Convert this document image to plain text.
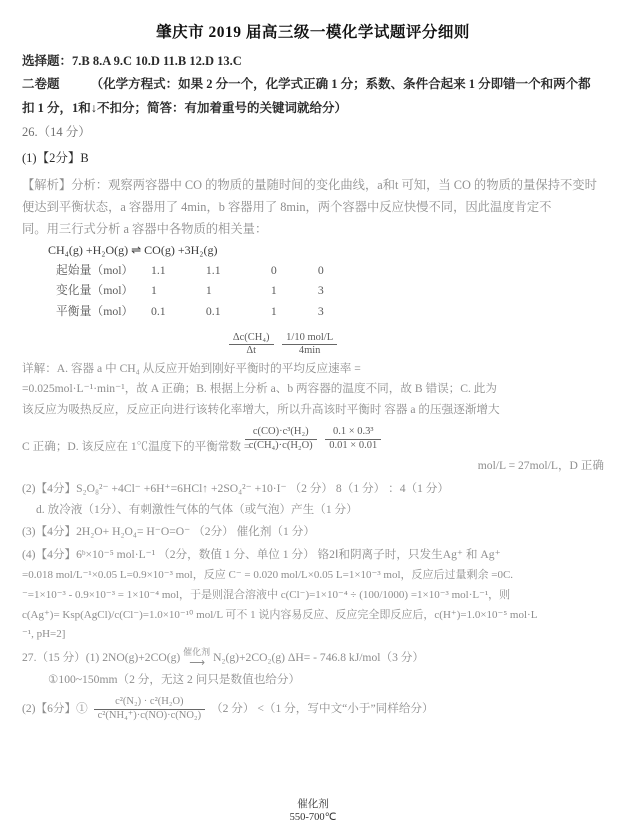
肇庆市 2019 届高三级一模化学试题评分细则
选择题：7.B 8.A 9.C 10.D 11.B 12.D 13.C
二卷题 （化学方程式：如果 2 分一个，化学式正确 1 分；系数、条件合起来 1 分即错一个和两个都
扣 1 分，1和↓不扣分；简答：有加着重号的关键词就给分）
26.（14 分）
(1)【2分】B
【解析】分析：观察两容器中 CO 的物质的量随时间的变化曲线，a和t 可知，当 CO 的物质的量保持不变时
便达到平衡状态，a 容器用了 4min，b 容器用了 8min，两个容器中反应快慢不同，因此温度肯定不
同。用三行式分析 a 容器中各物质的相关量：
CH₄(g) +H₂O(g) ⇌ CO(g) +3H₂(g)
起始量（mol） 1.1	1.1	0	0
变化量（mol） 1	1	1	3
平衡量（mol） 0.1	0.1	1	3
$\frac{\text{Δc(CH₄)}}{\Delta t}$
	1/10 mol/L
4min
详解：A. 容器 a 中 CH₄ 从反应开始到刚好平衡时的平均反应速率 =
=0.025mol·L⁻¹·min⁻¹，故 A 正确；B. 根据上分析 a、b 两容器的温度不同，故 B 错误；C. 此为
该反应为吸热反应，反应正向进行该转化率增大，所以升高该时平衡时 容器 a 的压强逐渐增大
$\frac{\text{c(CO)·c³(H₂)}}{\text{c(CH₄)·c(H₂O)}}$
$\frac{\text{0.1 × 0.3³}}{0.01 \times 0.01}$
C 正确；D. 该反应在 1℃温度下的平衡常数 =
mol/L = 27mol/L，D 正确
(2)【4分】S₂O₈²⁻ +4Cl⁻ +6H⁺=6HCl↑ +2SO₄²⁻ +10·I⁻ （2 分） 8（1 分） ：4（1 分）
d. 放冷液（1分）、有刺激性气体的气体（或气泡）产生（1 分）
(3)【4分】2H₂O+ H₂O₄= H⁻O=O⁻ （2分） 催化剂（1 分）
(4)【4分】6ᵇ×10⁻⁵ mol·L⁻¹ （2分，数值 1 分、单位 1 分） 铬2Ⅰ和阴离子时，只发生Ag⁺ 和 Ag⁺
=0.018 mol/L⁻¹×0.05 L=0.9×10⁻³ mol，反应 C⁻ = 0.020 mol/L×0.05 L=1×10⁻³ mol，反应后过量剩余 =0C.
⁻=1×10⁻³ - 0.9×10⁻³ = 1×10⁻⁴ mol，于是则混合溶液中 c(Cl⁻)=1×10⁻⁴ ÷ (100/1000) =1×10⁻³ mol·L⁻¹，则
c(Ag⁺)= Ksp(AgCl)/c(Cl⁻)=1.0×10⁻¹⁰ mol/L 可不 1 说内容易反应、反应完全即反应后，c(H⁺)=1.0×10⁻⁵ mol·L
⁻¹, pH=2]
27.（15 分）(1) 2NO(g)+2CO(g) 催化剂
⟶ N₂(g)+2CO₂(g) ΔH= - 746.8 kJ/mol（3 分）
①100~150mm（2 分，无这 2 问只是数值也给分）
(2)【6分】① $\frac{\text{c²(N₂) · c²(H₂O)}}{\text{c²(NH₄⁺)·c(NO)·c(NO₂)}} (2$ 分） <（1 分，写中文“小于”同样给分）
催化剂
550-700℃
